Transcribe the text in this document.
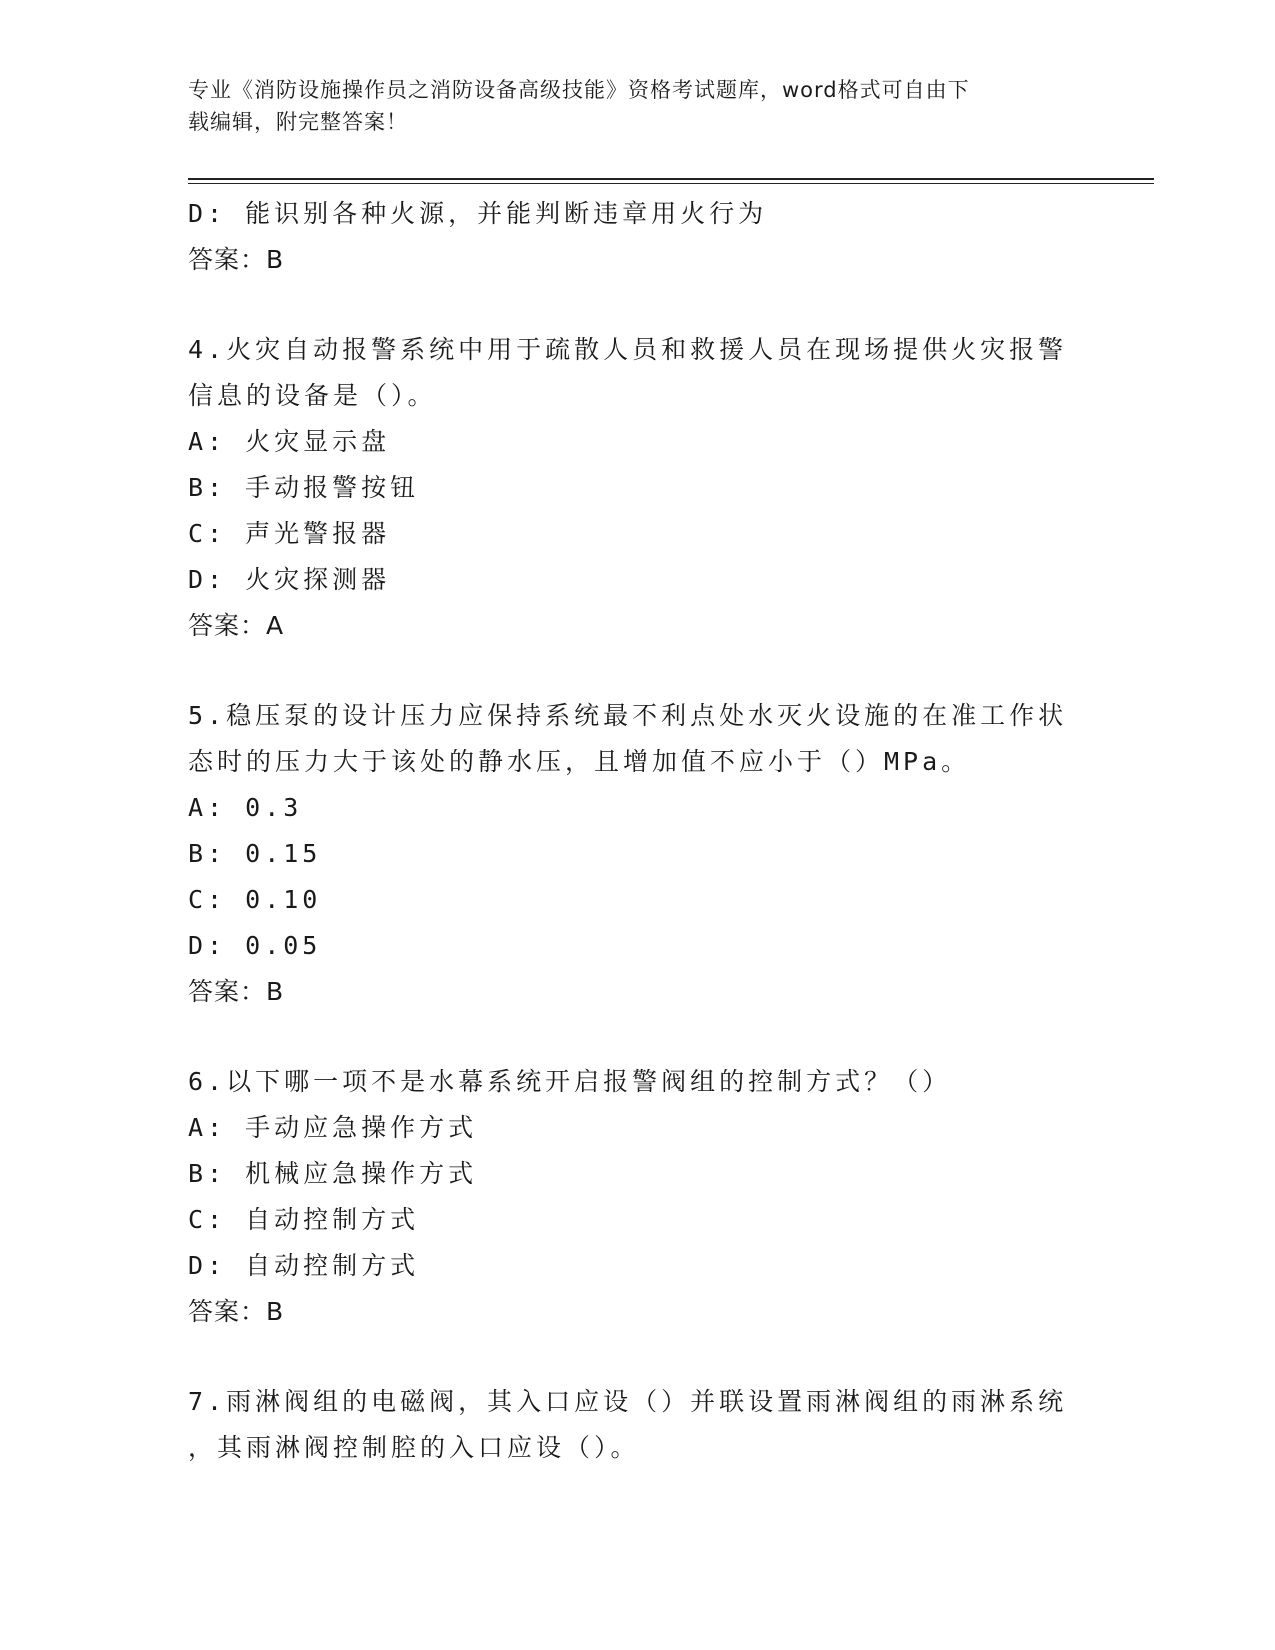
专业《消防设施操作员之消防设备高级技能》资格考试题库，word格式可自由下
载编辑，附完整答案！
D: 能识别各种火源，并能判断违章用火行为
答案：B
4.火灾自动报警系统中用于疏散人员和救援人员在现场提供火灾报警
信息的设备是（）。
A: 火灾显示盘
B: 手动报警按钮
C: 声光警报器
D: 火灾探测器
答案：A
5.稳压泵的设计压力应保持系统最不利点处水灭火设施的在准工作状
态时的压力大于该处的静水压，且增加值不应小于（）MPa。
A: 0.3
B: 0.15
C: 0.10
D: 0.05
答案：B
6.以下哪一项不是水幕系统开启报警阀组的控制方式？（）
A: 手动应急操作方式
B: 机械应急操作方式
C: 自动控制方式
D: 自动控制方式
答案：B
7.雨淋阀组的电磁阀，其入口应设（）并联设置雨淋阀组的雨淋系统
，其雨淋阀控制腔的入口应设（）。
